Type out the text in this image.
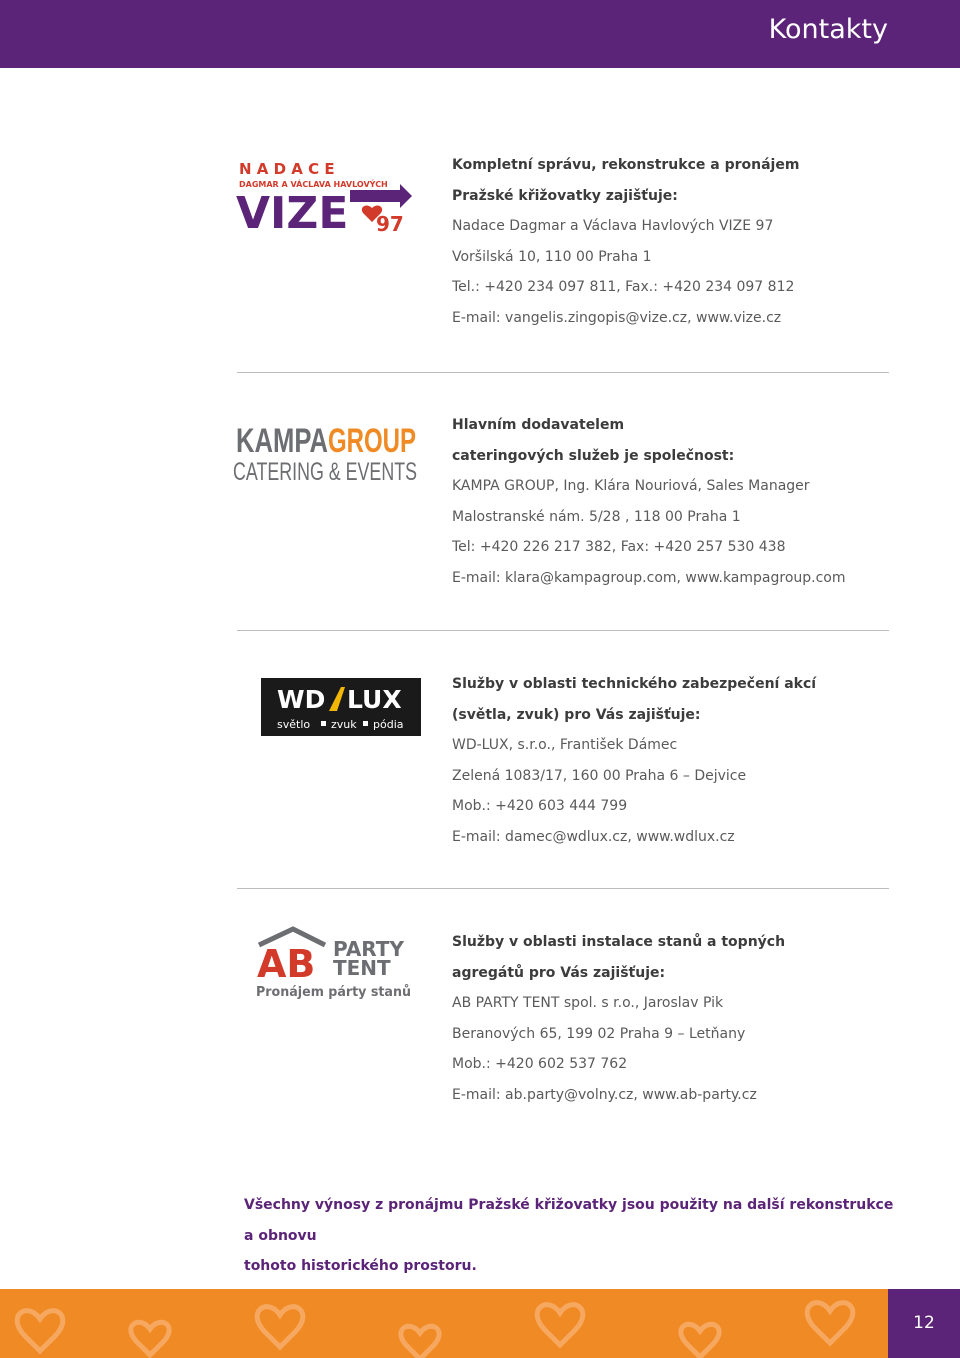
Kontakty
N A D A C E
DAGMAR A VÁCLAVA HAVLOVÝCH
VIZE 97
Kompletní správu, rekonstrukce a pronájem
Pražské křižovatky zajišťuje:
Nadace Dagmar a Václava Havlových VIZE 97
Voršilská 10, 110 00 Praha 1
Tel.: +420 234 097 811, Fax.: +420 234 097 812
E-mail: vangelis.zingopis@vize.cz, www.vize.cz
KAMPA GROUP
CATERING & EVENTS
Hlavním dodavatelem
cateringových služeb je společnost:
KAMPA GROUP, Ing. Klára Nouriová, Sales Manager
Malostranské nám. 5/28 , 118 00 Praha 1
Tel: +420 226 217 382, Fax: +420 257 530 438
E-mail: klara@kampagroup.com, www.kampagroup.com
WD LUX
světlo zvuk pódia
Služby v oblasti technického zabezpečení akcí
(světla, zvuk) pro Vás zajišťuje:
WD-LUX, s.r.o., František Dámec
Zelená 1083/17, 160 00 Praha 6 – Dejvice
Mob.: +420 603 444 799
E-mail: damec@wdlux.cz, www.wdlux.cz
AB PARTY
TENT
Pronájem párty stanů
Služby v oblasti instalace stanů a topných
agregátů pro Vás zajišťuje:
AB PARTY TENT spol. s r.o., Jaroslav Pik
Beranových 65, 199 02 Praha 9 – Letňany
Mob.: +420 602 537 762
E-mail: ab.party@volny.cz, www.ab-party.cz
Všechny výnosy z pronájmu Pražské křižovatky jsou použity na další rekonstrukce a obnovu
tohoto historického prostoru.
12
